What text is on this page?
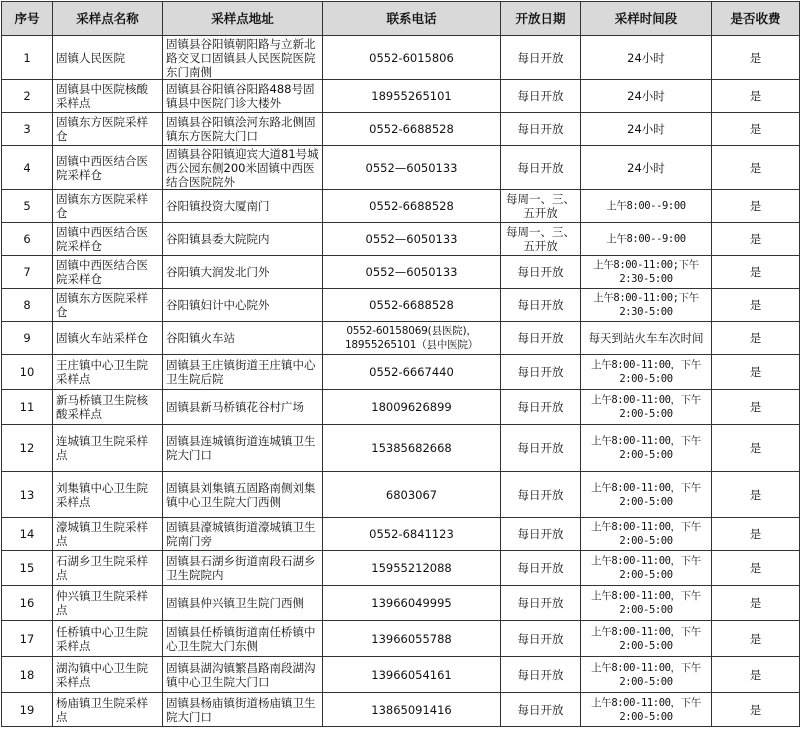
序号	采样点名称	采样点地址	联系电话	开放日期	采样时间段	是否收费
1	固镇人民医院	固镇县谷阳镇朝阳路与立新北路交叉口固镇县人民医院医院东门南侧	0552-6015806	每日开放	24小时	是
2	固镇县中医院核酸采样点	固镇县谷阳镇谷阳路488号固镇县中医院门诊大楼外	18955265101	每日开放	24小时	是
3	固镇东方医院采样仓	固镇县谷阳镇浍河东路北侧固镇东方医院大门口	0552-6688528	每日开放	24小时	是
4	固镇中西医结合医院采样仓	固镇县谷阳镇迎宾大道81号城西公园东侧200米固镇中西医结合医院院外	0552—6050133	每日开放	24小时	是
5	固镇东方医院采样仓	谷阳镇投资大厦南门	0552-6688528	每周一、三、五开放	上午8:00--9:00	是
6	固镇中西医结合医院采样仓	谷阳镇县委大院院内	0552—6050133	每周一、三、五开放	上午8:00--9:00	是
7	固镇中西医结合医院采样仓	谷阳镇大润发北门外	0552—6050133	每日开放	上午8:00-11:00;下午2:30-5:00	是
8	固镇东方医院采样仓	谷阳镇妇计中心院外	0552-6688528	每日开放	上午8:00-11:00;下午2:30-5:00	是
9	固镇火车站采样仓	谷阳镇火车站	0552-60158069(县医院)，18955265101（县中医院）	每日开放	每天到站火车车次时间	是
10	王庄镇中心卫生院采样点	固镇县王庄镇街道王庄镇中心卫生院后院	0552-6667440	每日开放	上午8:00-11:00，下午2:00-5:00	是
11	新马桥镇卫生院核酸采样点	固镇县新马桥镇花谷村广场	18009626899	每日开放	上午8:00-11:00，下午2:00-5:00	是
12	连城镇卫生院采样点	固镇县连城镇街道连城镇卫生院大门口	15385682668	每日开放	上午8:00-11:00，下午2:00-5:00	是
13	刘集镇中心卫生院采样点	固镇县刘集镇五固路南侧刘集镇中心卫生院大门西侧	6803067	每日开放	上午8:00-11:00，下午2:00-5:00	是
14	濠城镇卫生院采样点	固镇县濠城镇街道濠城镇卫生院南门旁	0552-6841123	每日开放	上午8:00-11:00，下午2:00-5:00	是
15	石湖乡卫生院采样点	固镇县石湖乡街道南段石湖乡卫生院院内	15955212088	每日开放	上午8:00-11:00，下午2:00-5:00	是
16	仲兴镇卫生院采样点	固镇县仲兴镇卫生院门西侧	13966049995	每日开放	上午8:00-11:00，下午2:00-5:00	是
17	任桥镇中心卫生院采样点	固镇县任桥镇街道南任桥镇中心卫生院大门东侧	13966055788	每日开放	上午8:00-11:00，下午2:00-5:00	是
18	湖沟镇中心卫生院采样点	固镇县湖沟镇繁昌路南段湖沟镇中心卫生院大门口	13966054161	每日开放	上午8:00-11:00，下午2:00-5:00	是
19	杨庙镇卫生院采样点	固镇县杨庙镇街道杨庙镇卫生院大门口	13865091416	每日开放	上午8:00-11:00，下午2:00-5:00	是
